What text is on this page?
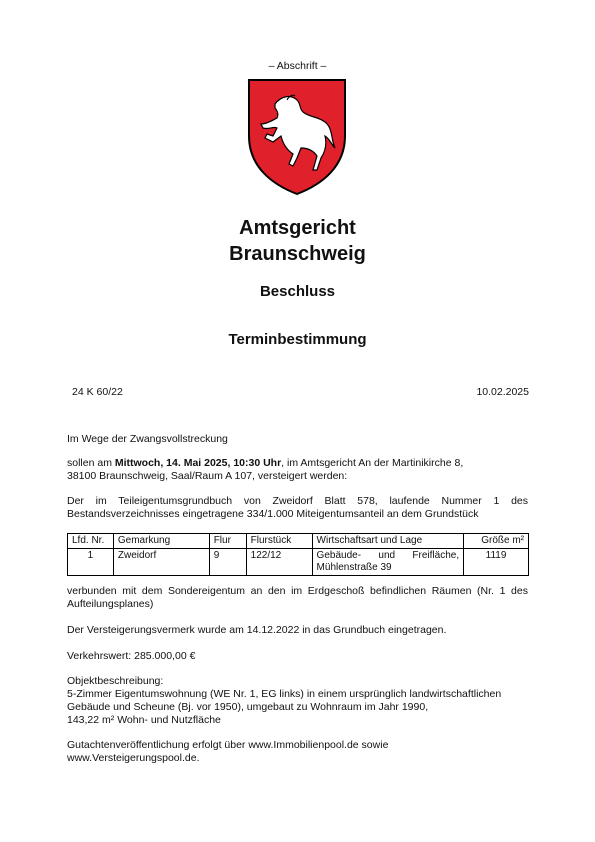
– Abschrift –
Amtsgericht
Braunschweig
Beschluss
Terminbestimmung
24 K 60/22	10.02.2025
Im Wege der Zwangsvollstreckung
sollen am Mittwoch, 14. Mai 2025, 10:30 Uhr, im Amtsgericht An der Martinikirche 8,
38100 Braunschweig, Saal/Raum A 107, versteigert werden:
Der im Teileigentumsgrundbuch von Zweidorf Blatt 578, laufende Nummer 1 des
Bestandsverzeichnisses eingetragene 334/1.000 Miteigentumsanteil an dem Grundstück
Lfd. Nr.	Gemarkung	Flur	Flurstück	Wirtschaftsart und Lage	Größe m²
1	Zweidorf	9	122/12	Gebäude- und Freifläche,
Mühlenstraße 39	1119
verbunden mit dem Sondereigentum an den im Erdgeschoß befindlichen Räumen (Nr. 1 des
Aufteilungsplanes)
Der Versteigerungsvermerk wurde am 14.12.2022 in das Grundbuch eingetragen.
Verkehrswert: 285.000,00 €
Objektbeschreibung:
5-Zimmer Eigentumswohnung (WE Nr. 1, EG links) in einem ursprünglich landwirtschaftlichen
Gebäude und Scheune (Bj. vor 1950), umgebaut zu Wohnraum im Jahr 1990,
143,22 m² Wohn- und Nutzfläche
Gutachtenveröffentlichung erfolgt über www.Immobilienpool.de sowie
www.Versteigerungspool.de.
